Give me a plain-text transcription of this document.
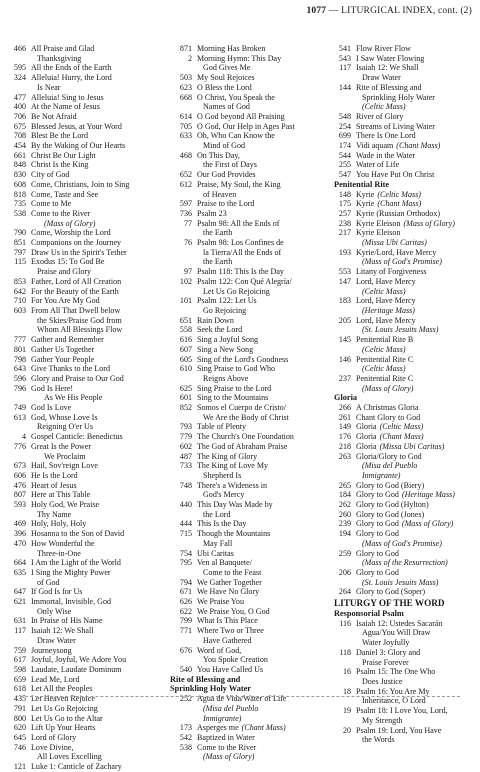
1077 — LITURGICAL INDEX, cont. (2)
466 All Praise and Glad
Thanksgiving
595 All the Ends of the Earth
324 Alleluia! Hurry, the Lord
Is Near
477 Alleluia! Sing to Jesus
400 At the Name of Jesus
706 Be Not Afraid
675 Blessed Jesus, at Your Word
708 Blest Be the Lord
454 By the Waking of Our Hearts
661 Christ Be Our Light
848 Christ Is the King
830 City of God
608 Come, Christians, Join to Sing
818 Come, Taste and See
735 Come to Me
538 Come to the River
(Mass of Glory)
790 Come, Worship the Lord
851 Companions on the Journey
797 Draw Us in the Spirit's Tether
115 Exodus 15: To God Be
Praise and Glory
853 Father, Lord of All Creation
642 For the Beauty of the Earth
710 For You Are My God
603 From All That Dwell below
the Skies/Praise God from
Whom All Blessings Flow
777 Gather and Remember
801 Gather Us Together
798 Gather Your People
643 Give Thanks to the Lord
596 Glory and Praise to Our God
796 God Is Here!
As We His People
749 God Is Love
613 God, Whose Love Is
Reigning O'er Us
4 Gospel Canticle: Benedictus
776 Great Is the Power
We Proclaim
673 Hail, Sov'reign Love
606 He Is the Lord
476 Heart of Jesus
807 Here at This Table
593 Holy God, We Praise
Thy Name
469 Holy, Holy, Holy
396 Hosanna to the Son of David
470 How Wonderful the
Three-in-One
664 I Am the Light of the World
635 I Sing the Mighty Power
of God
647 If God Is for Us
621 Immortal, Invisible, God
Only Wise
631 In Praise of His Name
117 Isaiah 12: We Shall
Draw Water
759 Journeysong
617 Joyful, Joyful, We Adore You
598 Laudate, Laudate Dominum
659 Lead Me, Lord
618 Let All the Peoples
435 Let Heaven Rejoice
791 Let Us Go Rejoicing
800 Let Us Go to the Altar
620 Lift Up Your Hearts
645 Lord of Glory
746 Love Divine,
All Loves Excelling
121 Luke 1: Canticle of Zachary
871 Morning Has Broken
2 Morning Hymn: This Day
God Gives Me
503 My Soul Rejoices
623 O Bless the Lord
668 O Christ, You Speak the
Names of God
614 O God beyond All Praising
705 O God, Our Help in Ages Past
633 Oh, Who Can Know the
Mind of God
468 On This Day,
the First of Days
652 Our God Provides
612 Praise, My Soul, the King
of Heaven
597 Praise to the Lord
736 Psalm 23
77 Psalm 98: All the Ends of
the Earth
76 Psalm 98: Los Confines de
la Tierra/All the Ends of
the Earth
97 Psalm 118: This Is the Day
102 Psalm 122: Con Qué Alegría/
Let Us Go Rejoicing
101 Psalm 122: Let Us
Go Rejoicing
651 Rain Down
558 Seek the Lord
616 Sing a Joyful Song
607 Sing a New Song
605 Sing of the Lord's Goodness
610 Sing Praise to God Who
Reigns Above
625 Sing Praise to the Lord
601 Sing to the Mountains
852 Somos el Cuerpo de Cristo/
We Are the Body of Christ
793 Table of Plenty
779 The Church's One Foundation
602 The God of Abraham Praise
487 The King of Glory
733 The King of Love My
Shepherd Is
748 There's a Wideness in
God's Mercy
440 This Day Was Made by
the Lord
444 This Is the Day
715 Though the Mountains
May Fall
754 Ubi Caritas
795 Ven al Banquete/
Come to the Feast
794 We Gather Together
671 We Have No Glory
626 We Praise You
622 We Praise You, O God
799 What Is This Place
771 Where Two or Three
Have Gathered
676 Word of God,
You Spoke Creation
540 You Have Called Us
Rite of Blessing and
Sprinkling Holy Water
252 Agua de Vida/Water of Life
(Misa del Pueblo
Inmigrante)
173 Asperges me (Chant Mass)
542 Baptized in Water
538 Come to the River
(Mass of Glory)
541 Flow River Flow
543 I Saw Water Flowing
117 Isaiah 12: We Shall
Draw Water
144 Rite of Blessing and
Sprinkling Holy Water
(Celtic Mass)
548 River of Glory
254 Streams of Living Water
699 There Is One Lord
174 Vidi aquam (Chant Mass)
544 Wade in the Water
255 Water of Life
547 You Have Put On Christ
Penitential Rite
148 Kyrie (Celtic Mass)
175 Kyrie (Chant Mass)
257 Kyrie (Russian Orthodox)
238 Kyrie Eleison (Mass of Glory)
217 Kyrie Eleison
(Missa Ubi Caritas)
193 Kyrie/Lord, Have Mercy
(Mass of God's Promise)
553 Litany of Forgiveness
147 Lord, Have Mercy
(Celtic Mass)
183 Lord, Have Mercy
(Heritage Mass)
205 Lord, Have Mercy
(St. Louis Jesuits Mass)
145 Penitential Rite B
(Celtic Mass)
146 Penitential Rite C
(Celtic Mass)
237 Penitential Rite C
(Mass of Glory)
Gloria
266 A Christmas Gloria
261 Chant Glory to God
149 Gloria (Celtic Mass)
176 Gloria (Chant Mass)
218 Gloria (Missa Ubi Caritas)
263 Gloria/Glory to God
(Misa del Pueblo
Inmigrante)
265 Glory to God (Biery)
184 Glory to God (Heritage Mass)
262 Glory to God (Hylton)
260 Glory to God (Jones)
239 Glory to God (Mass of Glory)
194 Glory to God
(Mass of God's Promise)
259 Glory to God
(Mass of the Resurrection)
206 Glory to God
(St. Louis Jesuits Mass)
264 Glory to God (Soper)
LITURGY OF THE WORD
Responsorial Psalm
116 Isaiah 12: Ustedes Sacarán
Agua/You Will Draw
Water Joyfully
118 Daniel 3: Glory and
Praise Forever
16 Psalm 15: The One Who
Does Justice
18 Psalm 16: You Are My
Inheritance, O Lord
19 Psalm 18: I Love You, Lord,
My Strength
20 Psalm 19: Lord, You Have
the Words
